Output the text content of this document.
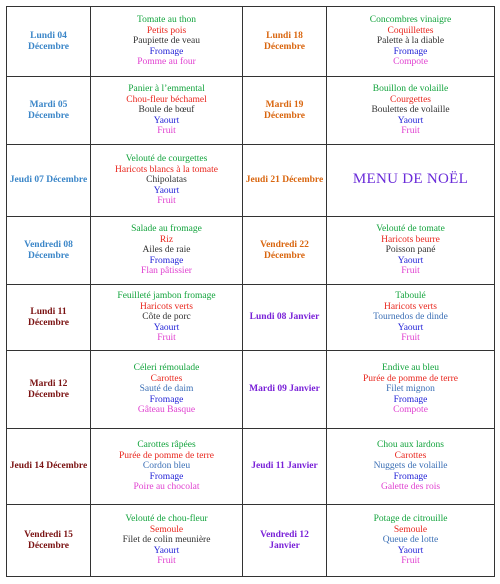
Lundi 04 Décembre	Tomate au thon
Petits pois
Paupiette de veau
Fromage
Pomme au four	Lundi 18 Décembre	Concombres vinaigre
Coquillettes
Palette à la diable
Fromage
Compote

Mardi 05 Décembre	Panier à l’emmental
Chou-fleur béchamel
Boule de bœuf
Yaourt
Fruit	Mardi 19 Décembre	Bouillon de volaille
Courgettes
Boulettes de volaille
Yaourt
Fruit

Jeudi 07 Décembre	Velouté de courgettes
Haricots blancs à la tomate
Chipolatas
Yaourt
Fruit	Jeudi 21 Décembre	MENU DE NOËL
Vendredi 08 Décembre	Salade au fromage
Riz
Ailes de raie
Fromage
Flan pâtissier	Vendredi 22 Décembre	Velouté de tomate
Haricots beurre
Poisson pané
Yaourt
Fruit

Lundi 11 Décembre	Feuilleté jambon fromage
Haricots verts
Côte de porc
Yaourt
Fruit	Lundi 08 Janvier	Taboulé
Haricots verts
Tournedos de dinde
Yaourt
Fruit

Mardi 12 Décembre	Céleri rémoulade
Carottes
Sauté de daim
Fromage
Gâteau Basque	Mardi 09 Janvier	Endive au bleu
Purée de pomme de terre
Filet mignon
Fromage
Compote

Jeudi 14 Décembre	Carottes râpées
Purée de pomme de terre
Cordon bleu
Fromage
Poire au chocolat	Jeudi 11 Janvier	Chou aux lardons
Carottes
Nuggets de volaille
Fromage
Galette des rois

Vendredi 15 Décembre	Velouté de chou-fleur
Semoule
Filet de colin meunière
Yaourt
Fruit	Vendredi 12 Janvier	Potage de citrouille
Semoule
Queue de lotte
Yaourt
Fruit
